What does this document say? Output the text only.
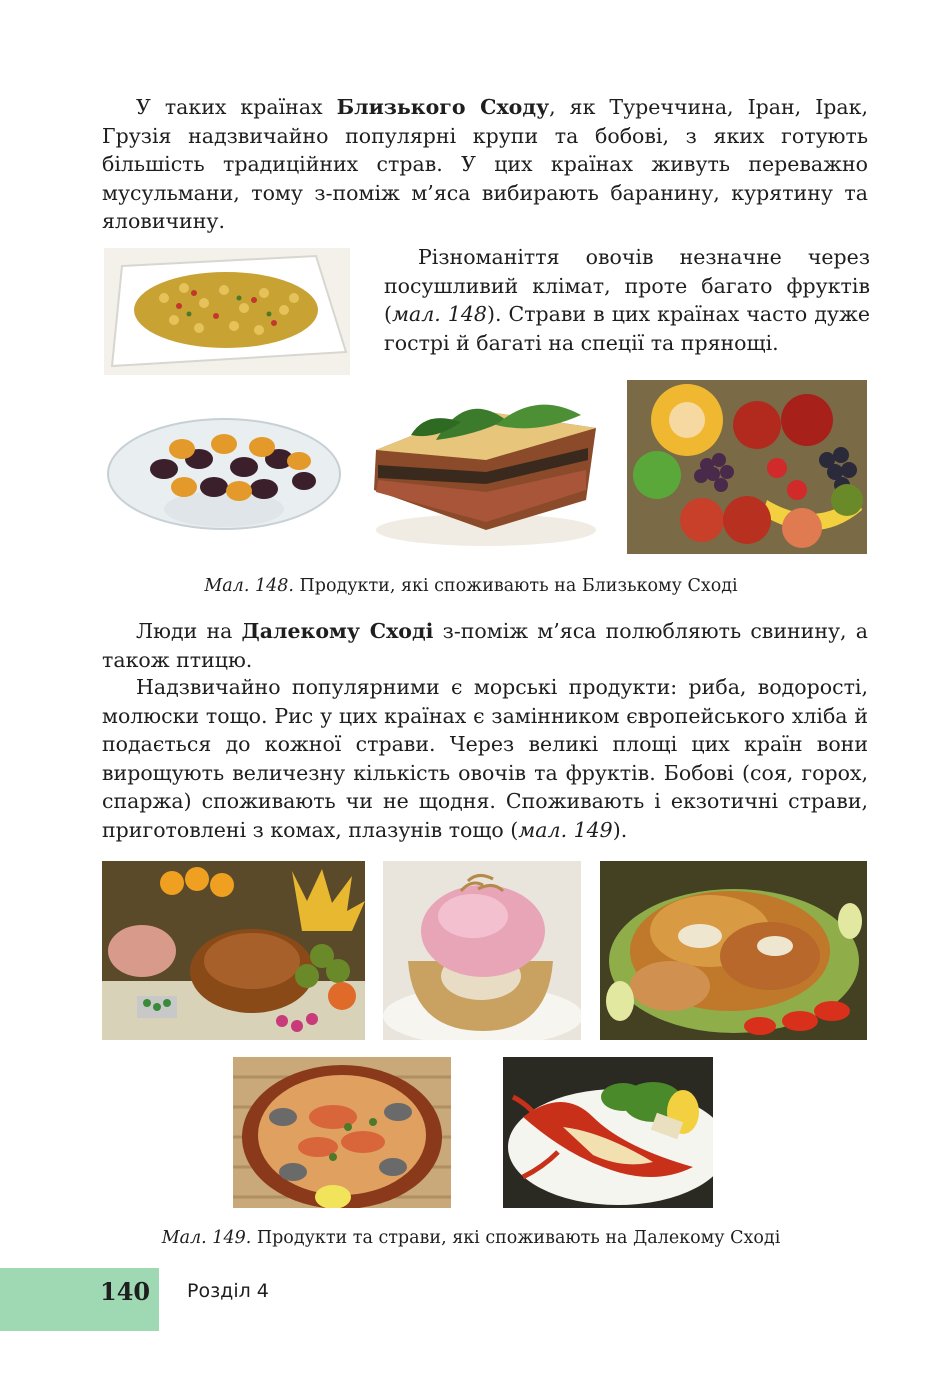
У таких країнах Близького Сходу, як Туреччина, Іран, Ірак, Грузія надзвичайно популярні крупи та бобові, з яких готують більшість традиційних страв. У цих країнах живуть переважно мусульмани, тому з-поміж м’яса вибирають баранину, курятину та яловичину.

Різноманіття овочів незначне через посушливий клімат, проте багато фруктів (мал. 148). Страви в цих країнах часто дуже гострі й багаті на спеції та прянощі.

Мал. 148. Продукти, які споживають на Близькому Сході

Люди на Далекому Сході з-поміж м’яса полюбляють свинину, а також птицю.

Надзвичайно популярними є морські продукти: риба, водорості, молюски тощо. Рис у цих країнах є замінником європейського хліба й подається до кожної страви. Через великі площі цих країн вони вирощують величезну кількість овочів та фруктів. Бобові (соя, горох, спаржа) споживають чи не щодня. Споживають і екзотичні страви, приготовлені з комах, плазунів тощо (мал. 149).

Мал. 149. Продукти та страви, які споживають на Далекому Сході
140 Розділ 4
